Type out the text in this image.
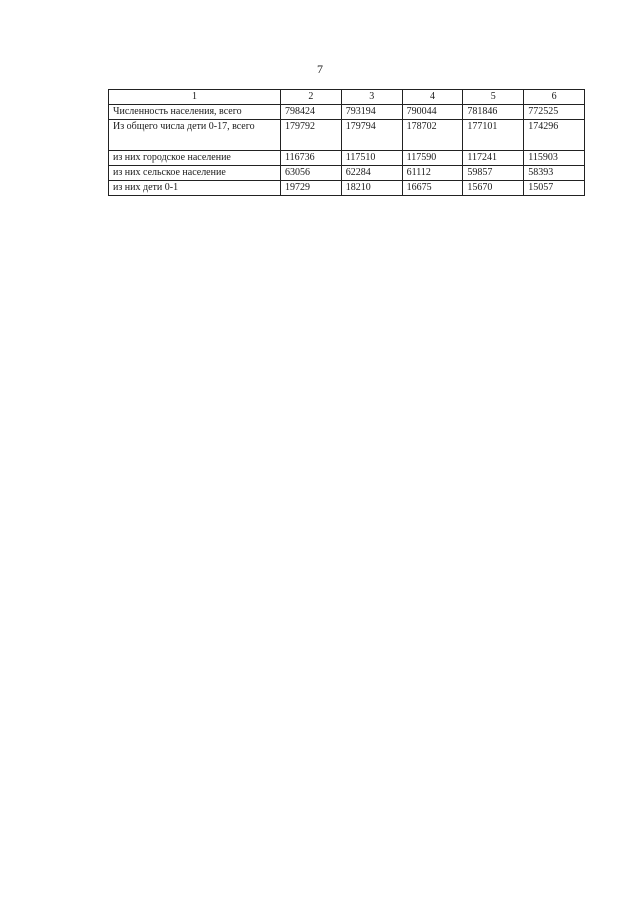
7
1	2	3	4	5	6
Численность населения, всего	798424	793194	790044	781846	772525
Из общего числа дети 0-17, всего	179792	179794	178702	177101	174296
из них городское население	116736	117510	117590	117241	115903
из них сельское население	63056	62284	61112	59857	58393
из них дети 0-1	19729	18210	16675	15670	15057
